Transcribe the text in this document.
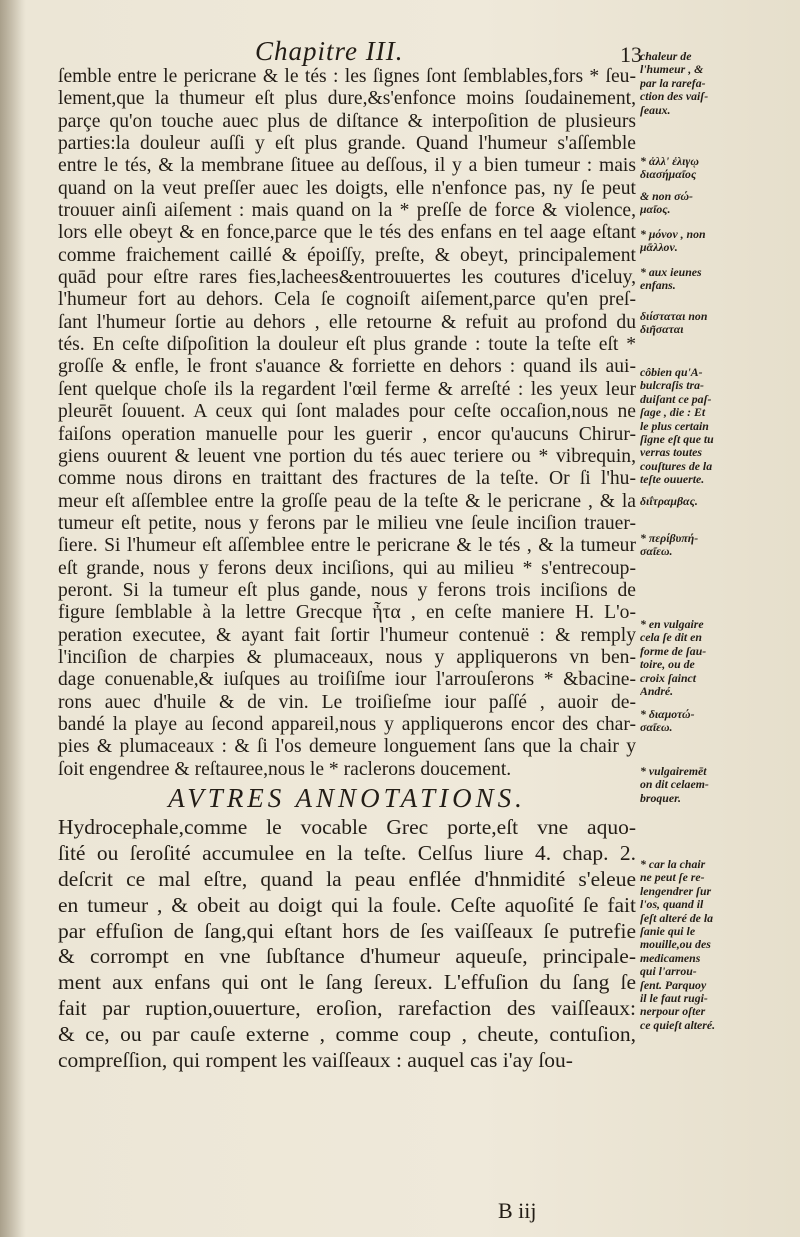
Chapitre III.	13
ſemble entre le pericrane & le tés : les ſignes ſont ſemblables,fors * ſeu-
lement,que la thumeur eſt plus dure,&s'enfonce moins ſoudainement,
parçe qu'on touche auec plus de diſtance & interpoſition de plusieurs
parties:la douleur auſſi y eſt plus grande. Quand l'humeur s'aſſemble
entre le tés, & la membrane ſituee au deſſous, il y a bien tumeur : mais
quand on la veut preſſer auec les doigts, elle n'enfonce pas, ny ſe peut
trouuer ainſi aiſement : mais quand on la * preſſe de force & violence,
lors elle obeyt & en fonce,parce que le tés des enfans en tel aage eſtant
comme fraichement caillé & époiſſy, preſte, & obeyt, principalement
quād pour eſtre rares fies,lachees&entrouuertes les coutures d'iceluy,
l'humeur fort au dehors. Cela ſe cognoiſt aiſement,parce qu'en preſ-
ſant l'humeur ſortie au dehors , elle retourne & refuit au profond du
tés. En ceſte diſpoſition la douleur eſt plus grande : toute la teſte eſt *
groſſe & enfle, le front s'auance & forriette en dehors : quand ils aui-
ſent quelque choſe ils la regardent l'œil ferme & arreſté : les yeux leur
pleurēt ſouuent. A ceux qui ſont malades pour ceſte occaſion,nous ne
faiſons operation manuelle pour les guerir , encor qu'aucuns Chirur-
giens ouurent & leuent vne portion du tés auec teriere ou * vibrequin,
comme nous dirons en traittant des fractures de la teſte. Or ſi l'hu-
meur eſt aſſemblee entre la groſſe peau de la teſte & le pericrane , & la
tumeur eſt petite, nous y ferons par le milieu vne ſeule inciſion trauer-
ſiere. Si l'humeur eſt aſſemblee entre le pericrane & le tés , & la tumeur
eſt grande, nous y ferons deux inciſions, qui au milieu * s'entrecoup-
peront. Si la tumeur eſt plus gande, nous y ferons trois inciſions de
figure ſemblable à la lettre Grecque ἦτα , en ceſte maniere H. L'o-
peration executee, & ayant fait ſortir l'humeur contenuë : & remply
l'inciſion de charpies & plumaceaux, nous y appliquerons vn ben-
dage conuenable,& iuſques au troiſiſme iour l'arrouſerons * &bacine-
rons auec d'huile & de vin. Le troiſieſme iour paſſé , auoir de-
bandé la playe au ſecond appareil,nous y appliquerons encor des char-
pies & plumaceaux : & ſi l'os demeure longuement ſans que la chair y
ſoit engendree & reſtauree,nous le * raclerons doucement.
AVTRES ANNOTATIONS.
Hydrocephale,comme le vocable Grec porte,eſt vne aquo-
ſité ou ſeroſité accumulee en la teſte. Celſus liure 4. chap. 2.
deſcrit ce mal eſtre, quand la peau enflée d'hnmidité s'eleue
en tumeur , & obeit au doigt qui la foule. Ceſte aquoſité ſe fait
par effuſion de ſang,qui eſtant hors de ſes vaiſſeaux ſe putrefie
& corrompt en vne ſubſtance d'humeur aqueuſe, principale-
ment aux enfans qui ont le ſang ſereux. L'effuſion du ſang ſe
fait par ruption,ouuerture, eroſion, rarefaction des vaiſſeaux:
& ce, ou par cauſe externe , comme coup , cheute, contuſion,
compreſſion, qui rompent les vaiſſeaux : auquel cas i'ay ſou-
chaleur de
l'humeur , &
par la rarefa-
ction des vaiſ-
ſeaux.
* ἀλλ' ἐλιγῳ
διασήμαῖος
& non σώ-
μαῖος.
* μόνον , non
μᾶλλον.
* aux ieunes
enfans.
διίσταται non
διῆσαται
côbien qu'A-
bulcraſis tra-
duiſant ce paſ-
ſage , die : Et
le plus certain
ſigne eſt que tu
verras toutes
couſtures de la
teſte ouuerte.
διΐτραμβας.
* περίβυπή-
σαῖεω.
* en vulgaire
cela ſe dit en
forme de ſau-
toire, ou de
croix ſainct
André.
* διαμοτώ-
σαῖεω.
* vulgairemēt
on dit celaem-
broquer.
* car la chair
ne peut ſe re-
lengendrer ſur
l'os, quand il
ſeſt alteré de la
ſanie qui le
mouille,ou des
medicamens
qui l'arrou-
ſent. Parquoy
il le faut rugi-
nerpour oſter
ce quieſt alteré.
B iij
